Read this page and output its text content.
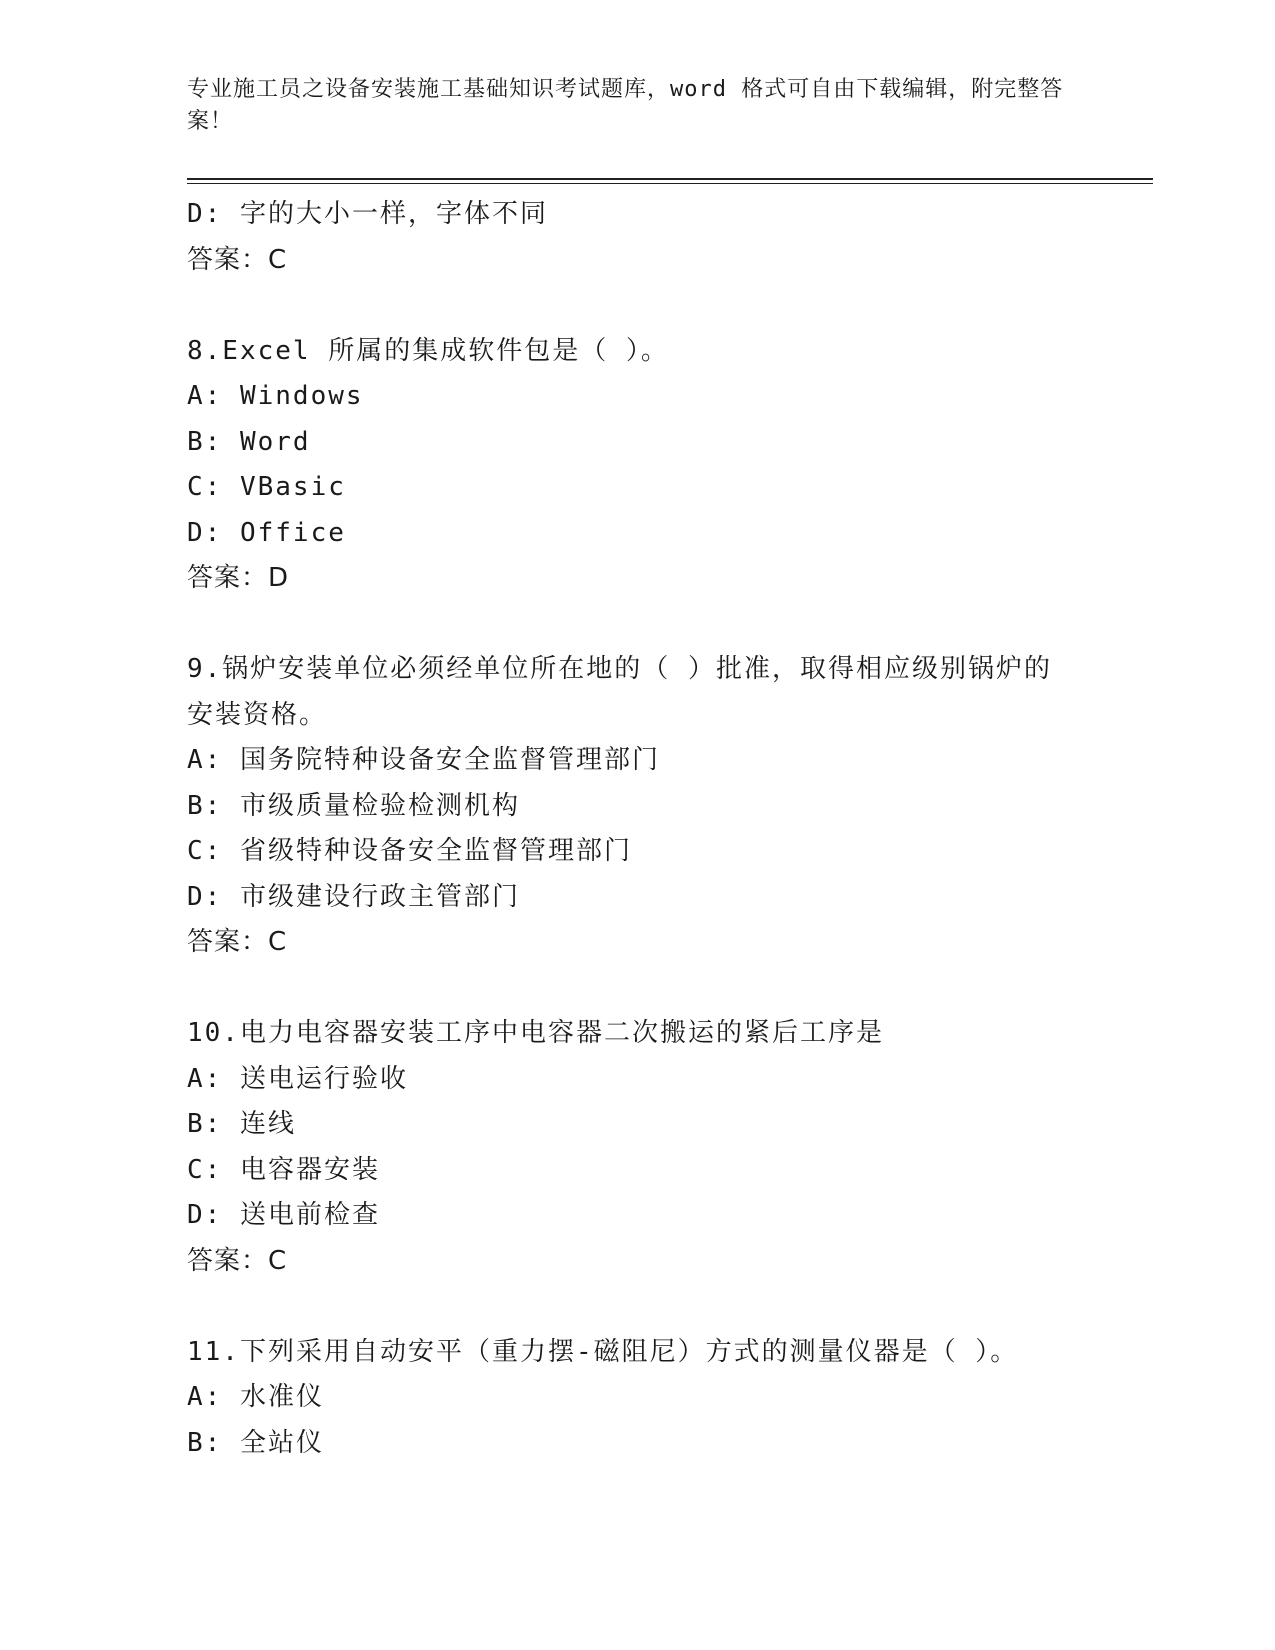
专业施工员之设备安装施工基础知识考试题库，word 格式可自由下载编辑，附完整答案！
D: 字的大小一样，字体不同
答案：C
8.Excel 所属的集成软件包是（ ）。
A: Windows
B: Word
C: VBasic
D: Office
答案：D
9.锅炉安装单位必须经单位所在地的（ ）批准，取得相应级别锅炉的
安装资格。
A: 国务院特种设备安全监督管理部门
B: 市级质量检验检测机构
C: 省级特种设备安全监督管理部门
D: 市级建设行政主管部门
答案：C
10.电力电容器安装工序中电容器二次搬运的紧后工序是
A: 送电运行验收
B: 连线
C: 电容器安装
D: 送电前检查
答案：C
11.下列采用自动安平（重力摆-磁阻尼）方式的测量仪器是（ ）。
A: 水准仪
B: 全站仪
